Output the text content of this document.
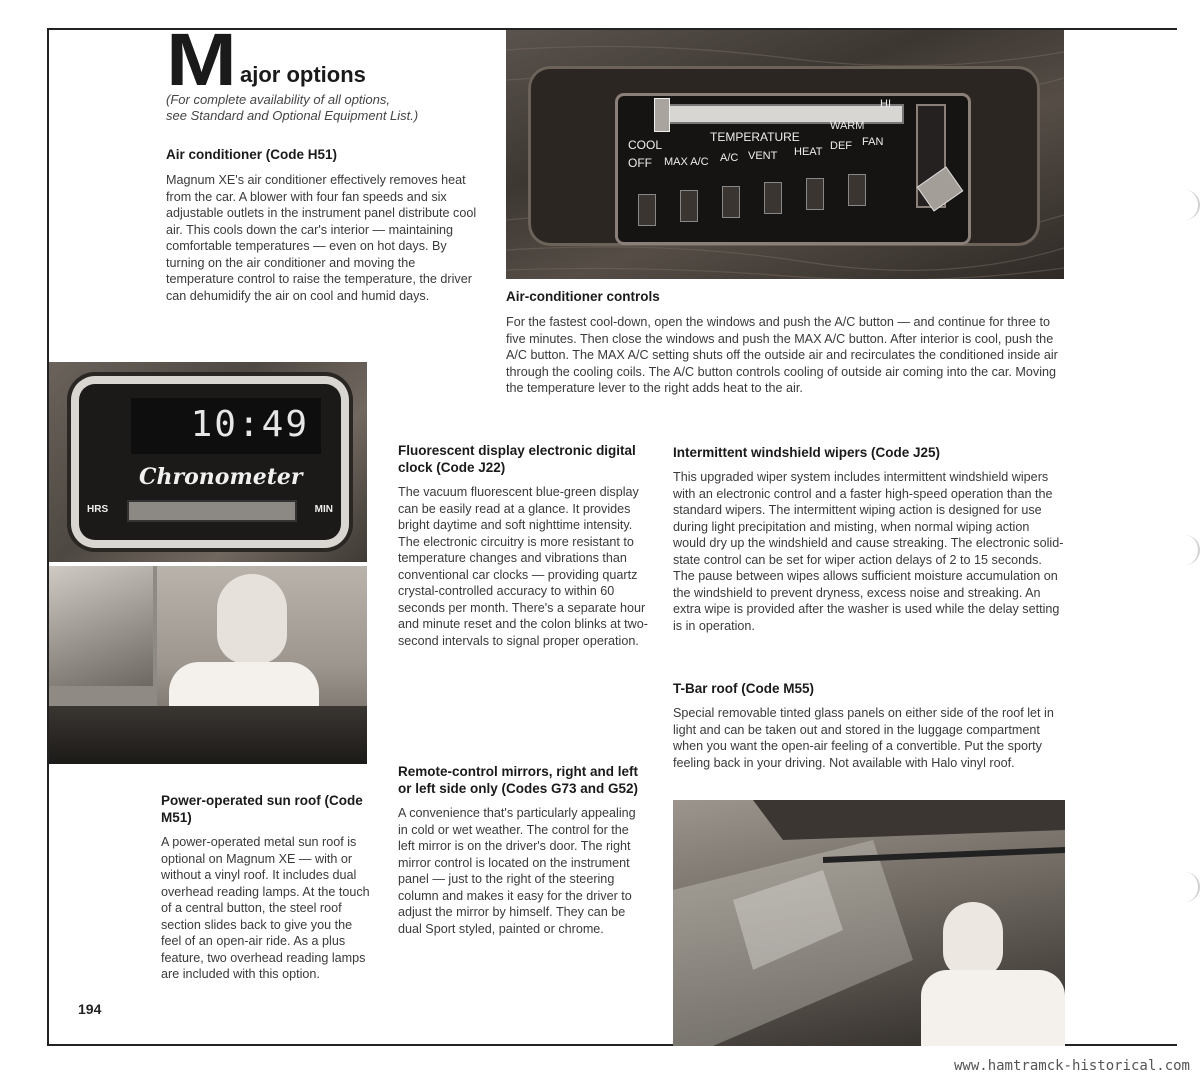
M ajor options
(For complete availability of all options,
see Standard and Optional Equipment List.)
Air conditioner (Code H51)

Magnum XE's air conditioner effectively removes heat from the car. A blower with four fan speeds and six adjustable outlets in the instrument panel distribute cool air. This cools down the car's interior — maintaining comfortable temperatures — even on hot days. By turning on the air conditioner and moving the temperature control to raise the temperature, the driver can dehumidify the air on cool and humid days.

COOL
OFF
TEMPERATURE
WARM
HI
MAX A/C A/C VENT HEAT DEF FAN
Air-conditioner controls

For the fastest cool-down, open the windows and push the A/C button — and continue for three to five minutes. Then close the windows and push the MAX A/C button. After interior is cool, push the A/C button. The MAX A/C setting shuts off the outside air and recirculates the conditioned inside air through the cooling coils. The A/C button controls cooling of outside air coming into the car. Moving the temperature lever to the right adds heat to the air.

10:49
Chronometer
HRS	MIN
Power-operated sun roof (Code M51)

A power-operated metal sun roof is optional on Magnum XE — with or without a vinyl roof. It includes dual overhead reading lamps. At the touch of a central button, the steel roof section slides back to give you the feel of an open-air ride. As a plus feature, two overhead reading lamps are included with this option.

Fluorescent display electronic digital clock (Code J22)

The vacuum fluorescent blue-green display can be easily read at a glance. It provides bright daytime and soft nighttime intensity. The electronic circuitry is more resistant to temperature changes and vibrations than conventional car clocks — providing quartz crystal-controlled accuracy to within 60 seconds per month. There's a separate hour and minute reset and the colon blinks at two-second intervals to signal proper operation.

Remote-control mirrors, right and left or left side only (Codes G73 and G52)

A convenience that's particularly appealing in cold or wet weather. The control for the left mirror is on the driver's door. The right mirror control is located on the instrument panel — just to the right of the steering column and makes it easy for the driver to adjust the mirror by himself. They can be dual Sport styled, painted or chrome.

Intermittent windshield wipers (Code J25)

This upgraded wiper system includes intermittent windshield wipers with an electronic control and a faster high-speed operation than the standard wipers. The intermittent wiping action is designed for use during light precipitation and misting, when normal wiping action would dry up the windshield and cause streaking. The electronic solid-state control can be set for wiper action delays of 2 to 15 seconds. The pause between wipes allows sufficient moisture accumulation on the windshield to prevent dryness, excess noise and streaking. An extra wipe is provided after the washer is used while the delay setting is in operation.

T-Bar roof (Code M55)

Special removable tinted glass panels on either side of the roof let in light and can be taken out and stored in the luggage compartment when you want the open-air feeling of a convertible. Put the sporty feeling back in your driving. Not available with Halo vinyl roof.

194
www.hamtramck-historical.com
